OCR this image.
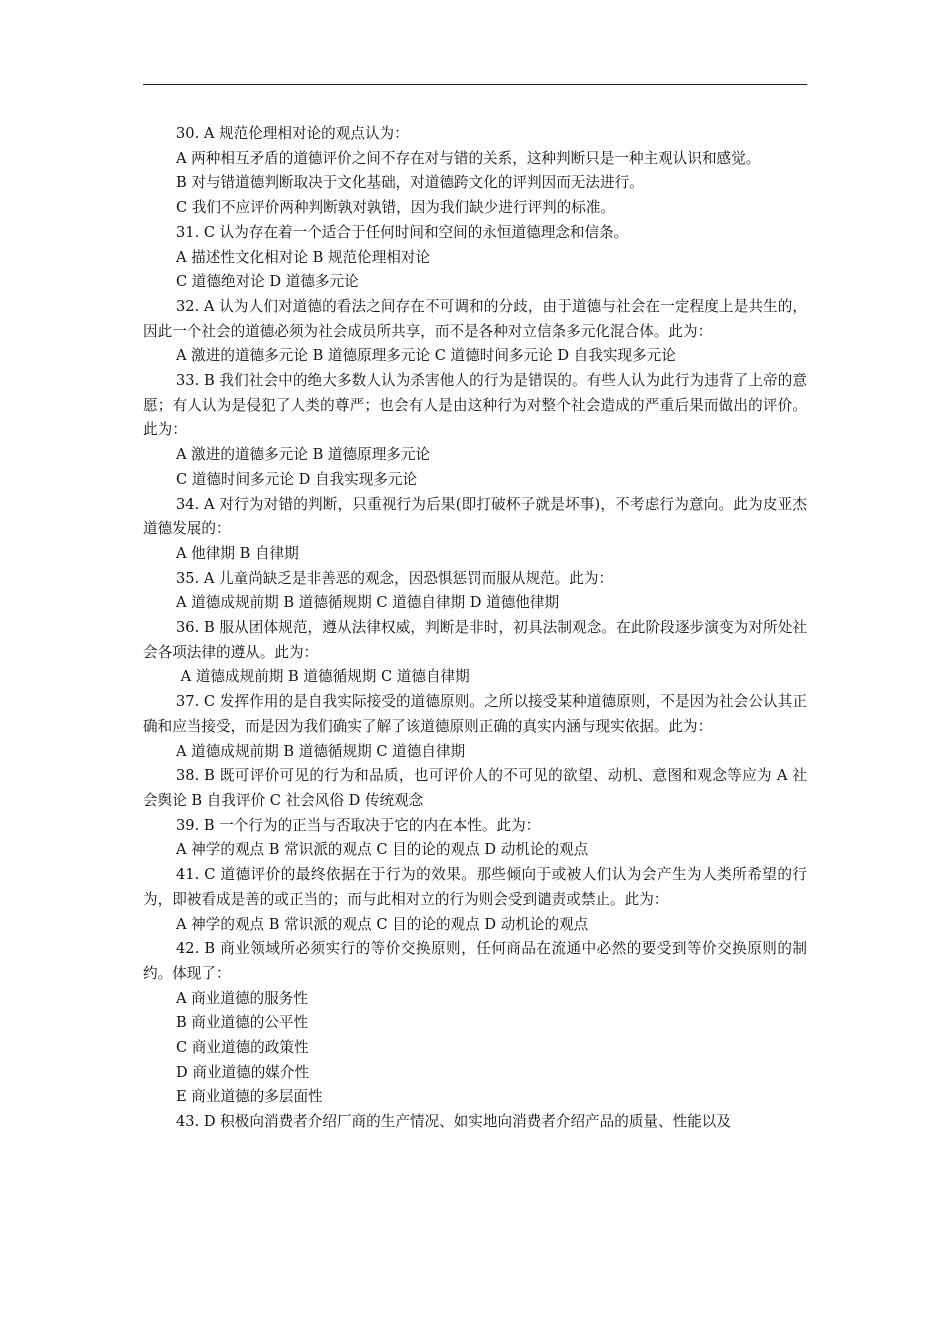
30. A 规范伦理相对论的观点认为：

A 两种相互矛盾的道德评价之间不存在对与错的关系，这种判断只是一种主观认识和感觉。

B 对与错道德判断取决于文化基础，对道德跨文化的评判因而无法进行。

C 我们不应评价两种判断孰对孰错，因为我们缺少进行评判的标准。

31. C 认为存在着一个适合于任何时间和空间的永恒道德理念和信条。

A 描述性文化相对论 B 规范伦理相对论

C 道德绝对论 D 道德多元论

32. A 认为人们对道德的看法之间存在不可调和的分歧，由于道德与社会在一定程度上是共生的，因此一个社会的道德必须为社会成员所共享，而不是各种对立信条多元化混合体。此为：

A 激进的道德多元论 B 道德原理多元论 C 道德时间多元论 D 自我实现多元论

33. B 我们社会中的绝大多数人认为杀害他人的行为是错误的。有些人认为此行为违背了上帝的意愿；有人认为是侵犯了人类的尊严；也会有人是由这种行为对整个社会造成的严重后果而做出的评价。此为：

A 激进的道德多元论 B 道德原理多元论

C 道德时间多元论 D 自我实现多元论

34. A 对行为对错的判断，只重视行为后果(即打破杯子就是坏事)，不考虑行为意向。此为皮亚杰道德发展的：

A 他律期 B 自律期

35. A 儿童尚缺乏是非善恶的观念，因恐惧惩罚而服从规范。此为：

A 道德成规前期 B 道德循规期 C 道德自律期 D 道德他律期

36. B 服从团体规范，遵从法律权威，判断是非时，初具法制观念。在此阶段逐步演变为对所处社会各项法律的遵从。此为：

A 道德成规前期 B 道德循规期 C 道德自律期

37. C 发挥作用的是自我实际接受的道德原则。之所以接受某种道德原则，不是因为社会公认其正确和应当接受，而是因为我们确实了解了该道德原则正确的真实内涵与现实依据。此为：

A 道德成规前期 B 道德循规期 C 道德自律期

38. B 既可评价可见的行为和品质，也可评价人的不可见的欲望、动机、意图和观念等应为 A 社会舆论 B 自我评价 C 社会风俗 D 传统观念

39. B 一个行为的正当与否取决于它的内在本性。此为：

A 神学的观点 B 常识派的观点 C 目的论的观点 D 动机论的观点

41. C 道德评价的最终依据在于行为的效果。那些倾向于或被人们认为会产生为人类所希望的行为，即被看成是善的或正当的；而与此相对立的行为则会受到谴责或禁止。此为：

A 神学的观点 B 常识派的观点 C 目的论的观点 D 动机论的观点

42. B 商业领域所必须实行的等价交换原则，任何商品在流通中必然的要受到等价交换原则的制约。体现了：

A 商业道德的服务性

B 商业道德的公平性

C 商业道德的政策性

D 商业道德的媒介性

E 商业道德的多层面性

43. D 积极向消费者介绍厂商的生产情况、如实地向消费者介绍产品的质量、性能以及
